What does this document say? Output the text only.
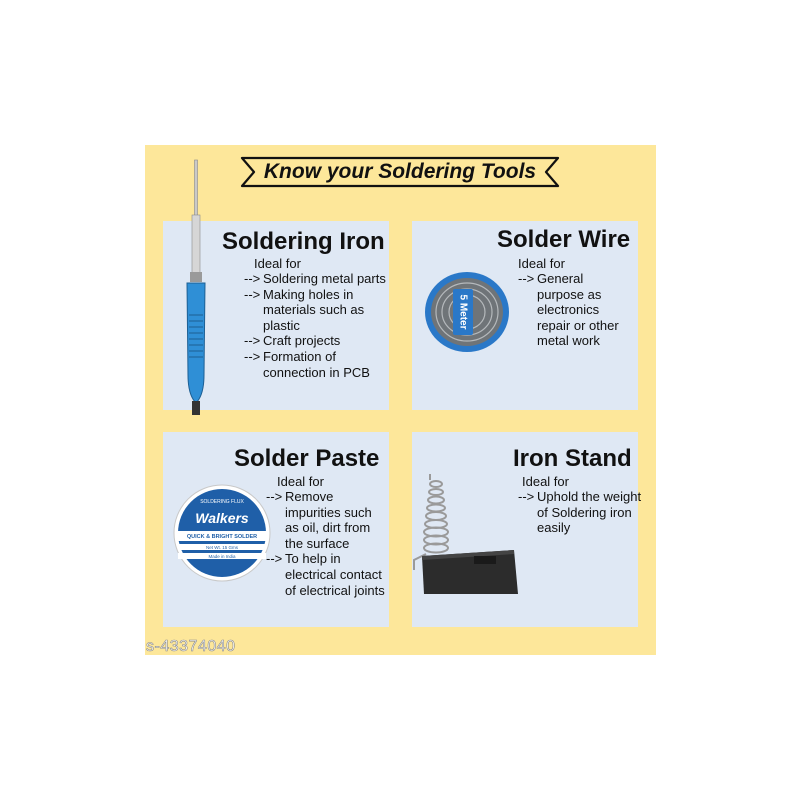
Know your Soldering Tools
Soldering Iron
Ideal for
--> Soldering metal parts
--> Making holes in materials such as plastic
--> Craft projects
--> Formation of connection in PCB
5 Meter
Solder Wire
Ideal for
--> General purpose as electronics repair or other metal work
SOLDERING FLUX
Walkers
QUICK & BRIGHT SOLDER
Net Wt. 15 Gms
Made in India
Solder Paste
Ideal for
--> Remove impurities such as oil, dirt from the surface
--> To help in electrical contact of electrical joints
Iron Stand
Ideal for
--> Uphold the weight of Soldering iron easily
s-43374040
